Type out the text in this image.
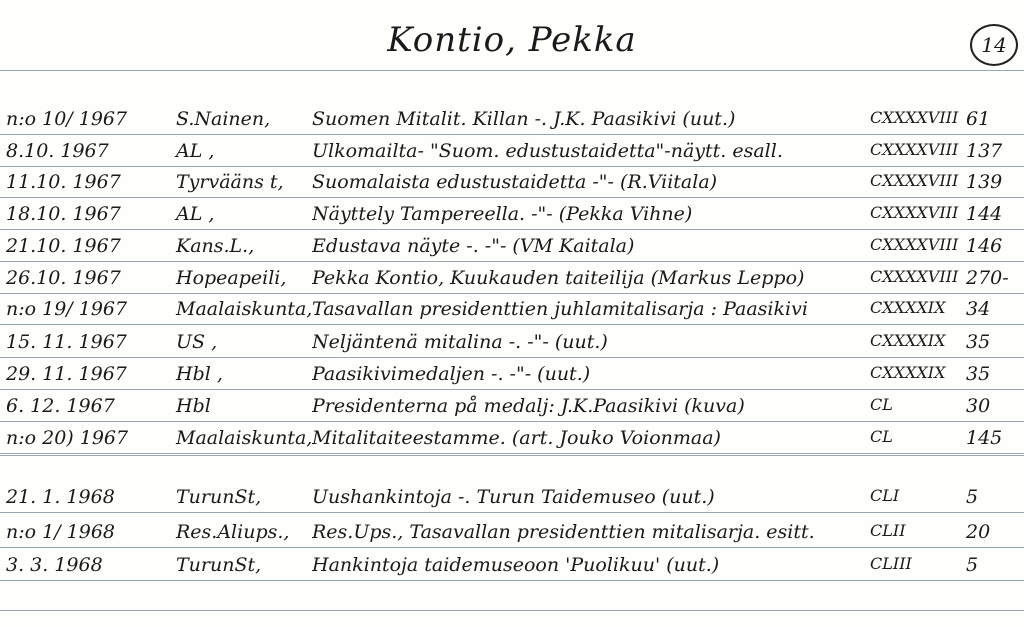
Kontio, Pekka	14
n:o 10/ 1967	S.Nainen,	Suomen Mitalit. Killan -. J.K. Paasikivi (uut.)	CXXXXVIII 61
8.10. 1967	AL ,	Ulkomailta- "Suom. edustustaidetta"-näytt. esall.	CXXXXVIII 137
11.10. 1967	Tyrvääns t,	Suomalaista edustustaidetta -"- (R.Viitala)	CXXXXVIII 139
18.10. 1967	AL ,	Näyttely Tampereella. -"- (Pekka Vihne)	CXXXXVIII 144
21.10. 1967	Kans.L.,	Edustava näyte -. -"- (VM Kaitala)	CXXXXVIII 146
26.10. 1967	Hopeapeili,	Pekka Kontio, Kuukauden taiteilija (Markus Leppo)	CXXXXVIII 270-
n:o 19/ 1967	Maalaiskunta, Tasavallan presidenttien juhlamitalisarja : Paasikivi	CXXXXIX	34
15. 11. 1967	US ,	Neljäntenä mitalina -. -"- (uut.)	CXXXXIX	35
29. 11. 1967	Hbl ,	Paasikivimedaljen -. -"- (uut.)	CXXXXIX	35
6. 12. 1967	Hbl	Presidenterna på medalj: J.K.Paasikivi (kuva)	CL	30
n:o 20) 1967	Maalaiskunta, Mitalitaiteestamme. (art. Jouko Voionmaa)	CL	145
21. 1. 1968	TurunSt,	Uushankintoja -. Turun Taidemuseo (uut.)	CLI	5
n:o 1/ 1968	Res.Aliups.,	Res.Ups., Tasavallan presidenttien mitalisarja. esitt.	CLII	20
3. 3. 1968	TurunSt,	Hankintoja taidemuseoon 'Puolikuu' (uut.)	CLIII	5
